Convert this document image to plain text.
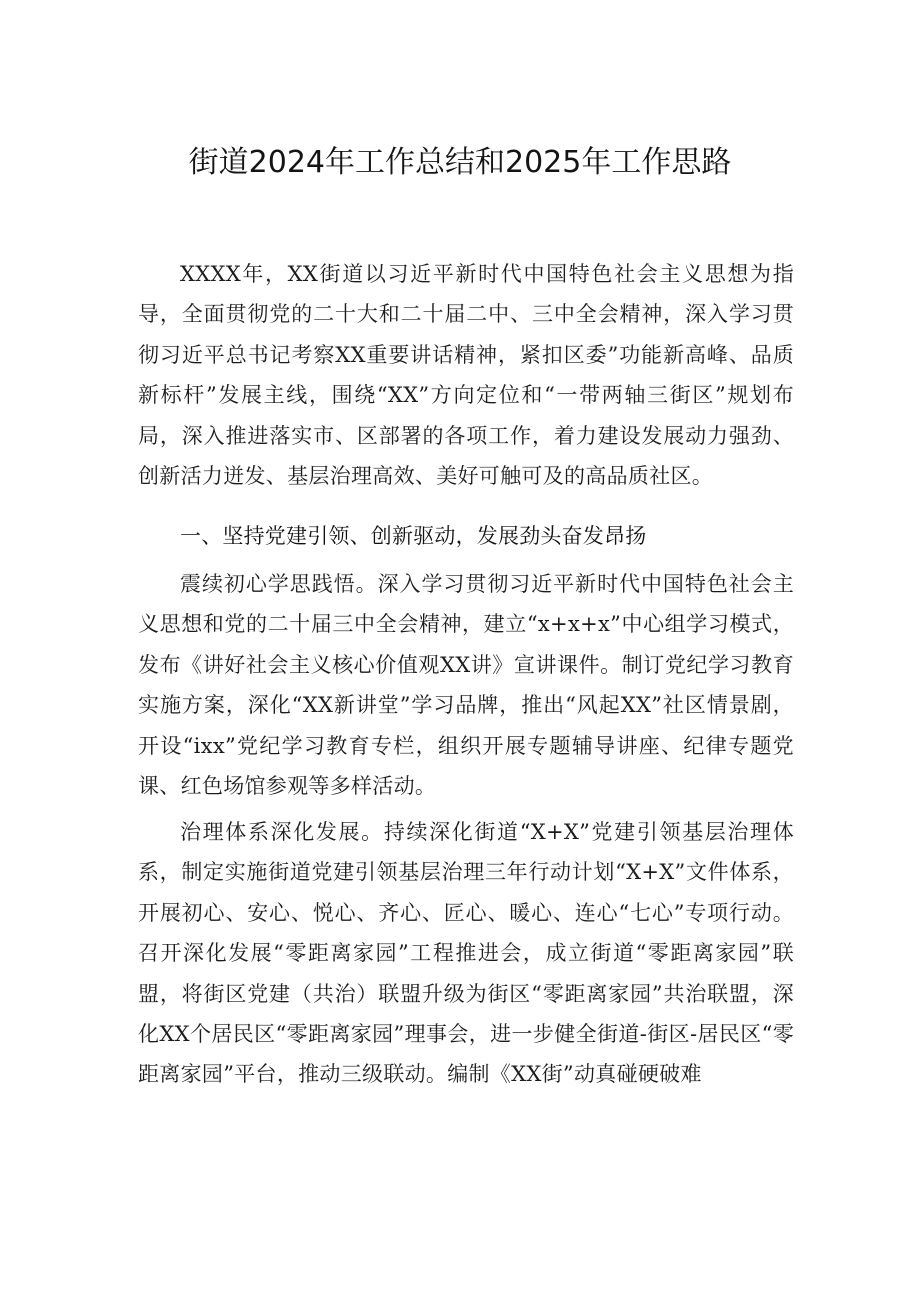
街道2024年工作总结和2025年工作思路

XXXX年，XX街道以习近平新时代中国特色社会主义思想为指导，全面贯彻党的二十大和二十届二中、三中全会精神，深入学习贯彻习近平总书记考察XX重要讲话精神，紧扣区委”功能新高峰、品质新标杆”发展主线，围绕“XX”方向定位和“一带两轴三街区”规划布局，深入推进落实市、区部署的各项工作，着力建设发展动力强劲、创新活力迸发、基层治理高效、美好可触可及的高品质社区。

一、坚持党建引领、创新驱动，发展劲头奋发昂扬

震续初心学思践悟。深入学习贯彻习近平新时代中国特色社会主义思想和党的二十届三中全会精神，建立“x+x+x”中心组学习模式，发布《讲好社会主义核心价值观XX讲》宣讲课件。制订党纪学习教育实施方案，深化“XX新讲堂”学习品牌，推出“风起XX”社区情景剧，开设“ixx”党纪学习教育专栏，组织开展专题辅导讲座、纪律专题党课、红色场馆参观等多样活动。

治理体系深化发展。持续深化街道“X+X”党建引领基层治理体系，制定实施街道党建引领基层治理三年行动计划“X+X”文件体系，开展初心、安心、悦心、齐心、匠心、暖心、连心“七心”专项行动。召开深化发展“零距离家园”工程推进会，成立街道“零距离家园”联盟，将街区党建（共治）联盟升级为街区“零距离家园”共治联盟，深化XX个居民区“零距离家园”理事会，进一步健全街道-街区-居民区“零距离家园”平台，推动三级联动。编制《XX街”动真碰硬破难
